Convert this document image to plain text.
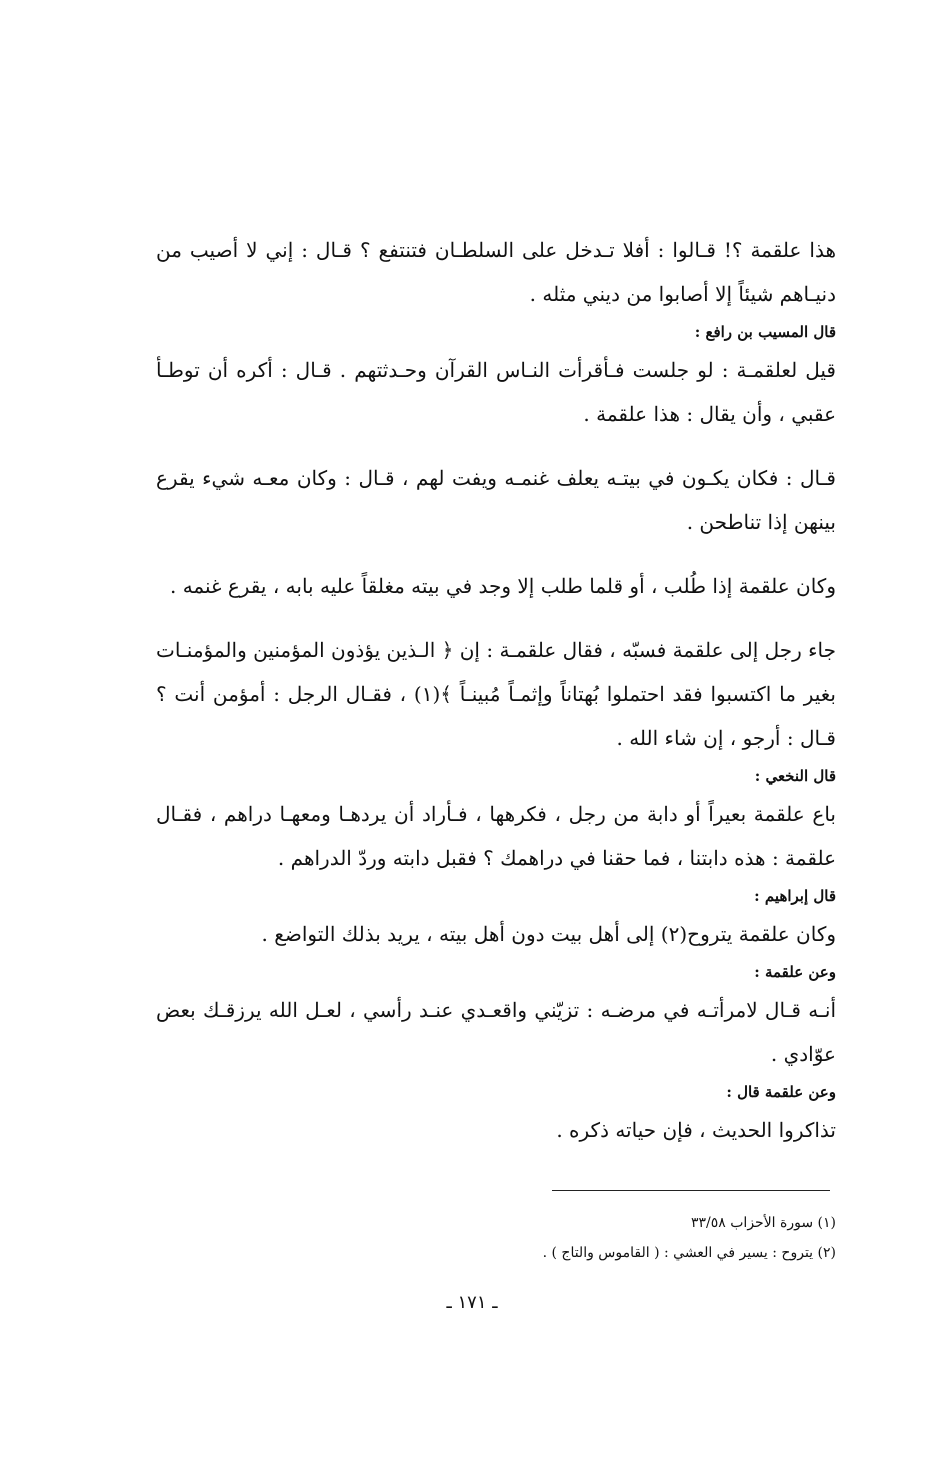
هذا علقمة ؟! قـالوا : أفلا تـدخل على السلطـان فتنتفع ؟ قـال : إني لا أصيب من دنيـاهم شيئاً إلا أصابوا من ديني مثله .

قال المسيب بن رافع :

قيل لعلقمـة : لو جلست فـأقرأت النـاس القرآن وحـدثتهم . قـال : أكره أن توطـأ عقبي ، وأن يقال : هذا علقمة .

قـال : فكان يكـون في بيتـه يعلف غنمـه ويفت لهم ، قـال : وكان معـه شيء يقرع بينهن إذا تناطحن .

وكان علقمة إذا طُلب ، أو قلما طلب إلا وجد في بيته مغلقاً عليه بابه ، يقرع غنمه .

جاء رجل إلى علقمة فسبّه ، فقال علقمـة : إن ﴿ الـذين يؤذون المؤمنين والمؤمنـات بغير ما اكتسبوا فقد احتملوا بُهتاناً وإثمـاً مُبينـاً ﴾(١) ، فقـال الرجل : أمؤمن أنت ؟ قـال : أرجو ، إن شاء الله .

قال النخعي :

باع علقمة بعيراً أو دابة من رجل ، فكرهها ، فـأراد أن يردهـا ومعهـا دراهم ، فقـال علقمة : هذه دابتنا ، فما حقنا في دراهمك ؟ فقبل دابته وردّ الدراهم .

قال إبراهيم :

وكان علقمة يتروح(٢) إلى أهل بيت دون أهل بيته ، يريد بذلك التواضع .

وعن علقمة :

أنـه قـال لامرأتـه في مرضـه : تزيّني واقعـدي عنـد رأسي ، لعـل الله يرزقـك بعض عوّادي .

وعن علقمة قال :

تذاكروا الحديث ، فإن حياته ذكره .

(١) سورة الأحزاب ٣٣/٥٨

(٢) يتروح : يسير في العشي : ( القاموس والتاج ) .

ـ ١٧١ ـ
